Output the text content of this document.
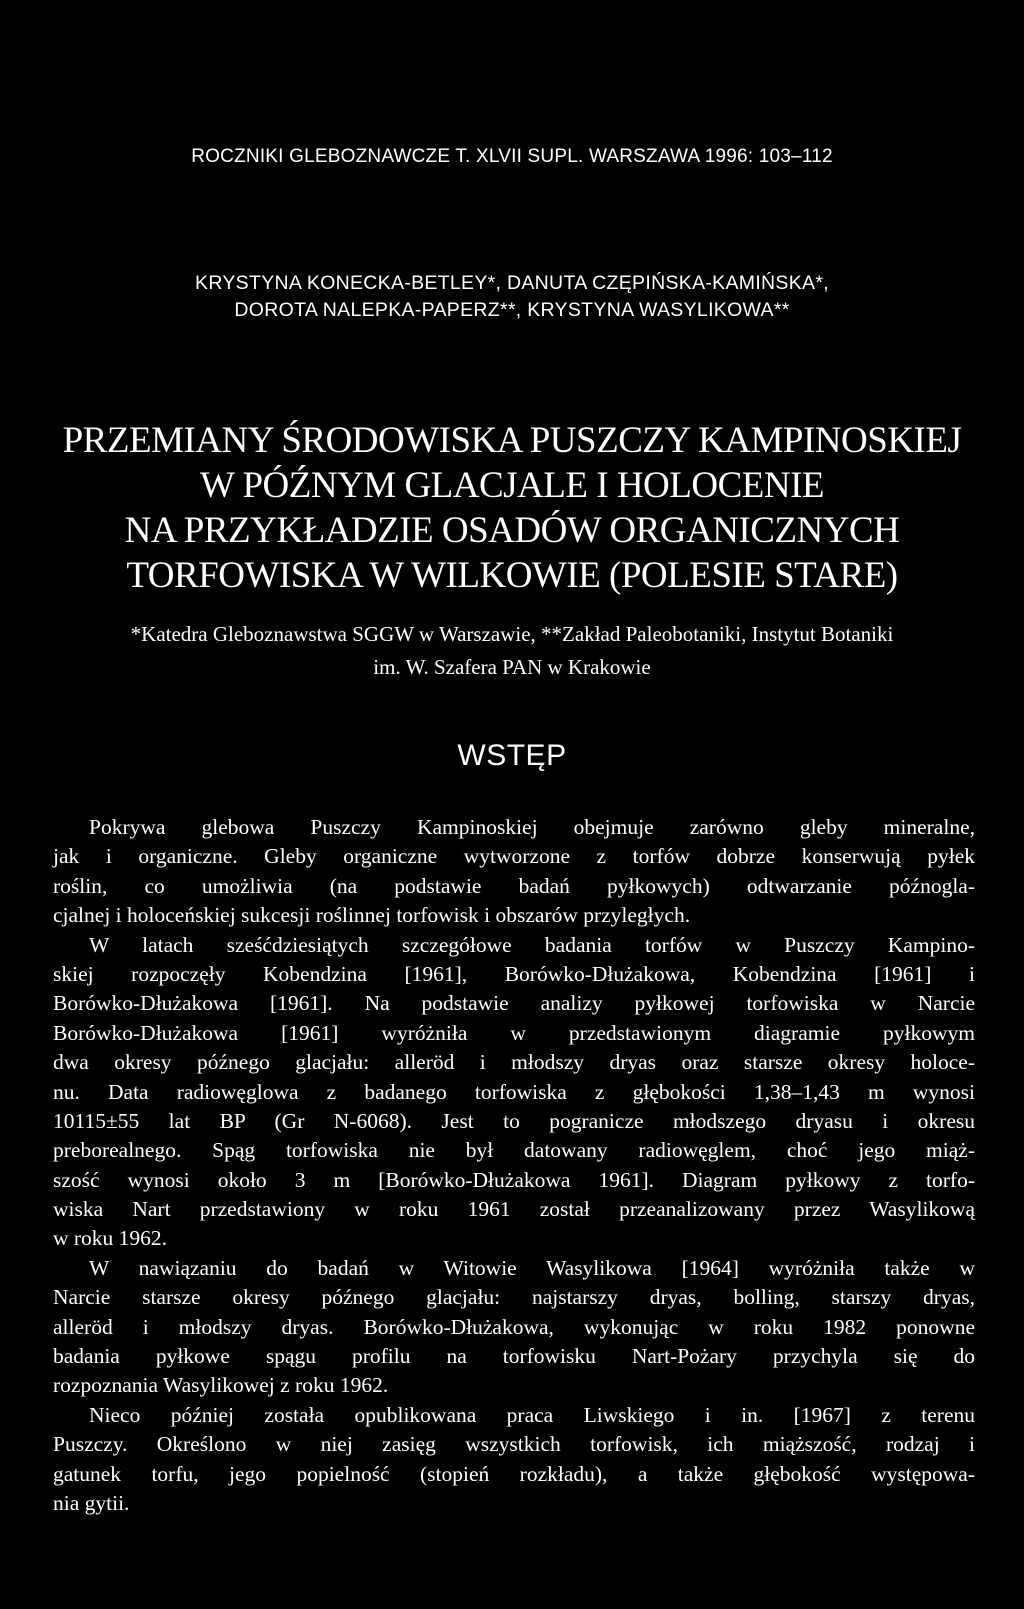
ROCZNIKI GLEBOZNAWCZE T. XLVII SUPL. WARSZAWA 1996: 103–112
KRYSTYNA KONECKA-BETLEY*, DANUTA CZĘPIŃSKA-KAMIŃSKA*,
DOROTA NALEPKA-PAPERZ**, KRYSTYNA WASYLIKOWA**
PRZEMIANY ŚRODOWISKA PUSZCZY KAMPINOSKIEJ
W PÓŹNYM GLACJALE I HOLOCENIE
NA PRZYKŁADZIE OSADÓW ORGANICZNYCH
TORFOWISKA W WILKOWIE (POLESIE STARE)
*Katedra Gleboznawstwa SGGW w Warszawie, **Zakład Paleobotaniki, Instytut Botaniki
im. W. Szafera PAN w Krakowie
WSTĘP
Pokrywa glebowa Puszczy Kampinoskiej obejmuje zarówno gleby mineralne,
jak i organiczne. Gleby organiczne wytworzone z torfów dobrze konserwują pyłek
roślin, co umożliwia (na podstawie badań pyłkowych) odtwarzanie późnogla-
cjalnej i holoceńskiej sukcesji roślinnej torfowisk i obszarów przyległych.
W latach sześćdziesiątych szczegółowe badania torfów w Puszczy Kampino-
skiej rozpoczęły Kobendzina [1961], Borówko-Dłużakowa, Kobendzina [1961] i
Borówko-Dłużakowa [1961]. Na podstawie analizy pyłkowej torfowiska w Narcie
Borówko-Dłużakowa [1961] wyróżniła w przedstawionym diagramie pyłkowym
dwa okresy późnego glacjału: alleröd i młodszy dryas oraz starsze okresy holoce-
nu. Data radiowęglowa z badanego torfowiska z głębokości 1,38–1,43 m wynosi
10115±55 lat BP (Gr N-6068). Jest to pogranicze młodszego dryasu i okresu
preborealnego. Spąg torfowiska nie był datowany radiowęglem, choć jego miąż-
szość wynosi około 3 m [Borówko-Dłużakowa 1961]. Diagram pyłkowy z torfo-
wiska Nart przedstawiony w roku 1961 został przeanalizowany przez Wasylikową
w roku 1962.
W nawiązaniu do badań w Witowie Wasylikowa [1964] wyróżniła także w
Narcie starsze okresy późnego glacjału: najstarszy dryas, bolling, starszy dryas,
alleröd i młodszy dryas. Borówko-Dłużakowa, wykonując w roku 1982 ponowne
badania pyłkowe spągu profilu na torfowisku Nart-Pożary przychyla się do
rozpoznania Wasylikowej z roku 1962.
Nieco później została opublikowana praca Liwskiego i in. [1967] z terenu
Puszczy. Określono w niej zasięg wszystkich torfowisk, ich miąższość, rodzaj i
gatunek torfu, jego popielność (stopień rozkładu), a także głębokość występowa-
nia gytii.
